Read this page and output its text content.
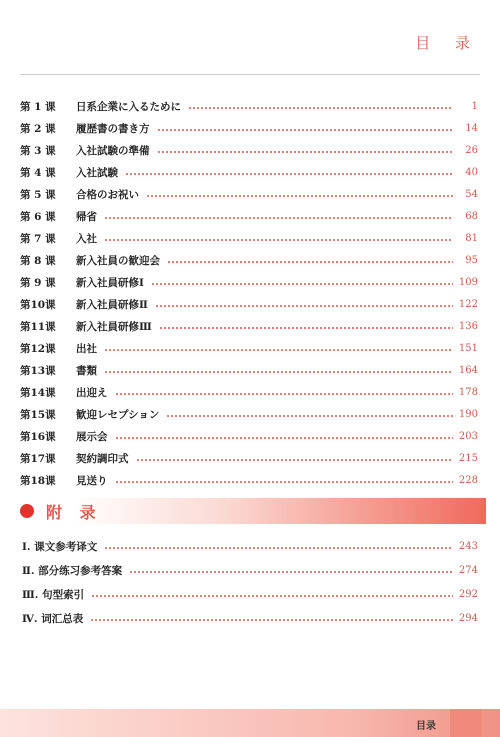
目 录
第 1 课	日系企業に入るために	1
第 2 课	履歴書の書き方	14
第 3 课	入社試験の準備	26
第 4 课	入社試験	40
第 5 课	合格のお祝い	54
第 6 课	帰省	68
第 7 课	入社	81
第 8 课	新入社員の歓迎会	95
第 9 课	新入社員研修Ⅰ	109
第10课	新入社員研修Ⅱ	122
第11课	新入社員研修Ⅲ	136
第12课	出社	151
第13课	書類	164
第14课	出迎え	178
第15课	歓迎レセプション	190
第16课	展示会	203
第17课	契約調印式	215
第18课	見送り	228
附 录
Ⅰ. 课文参考译文	243
Ⅱ. 部分练习参考答案	274
Ⅲ. 句型索引	292
Ⅳ. 词汇总表	294
目录
